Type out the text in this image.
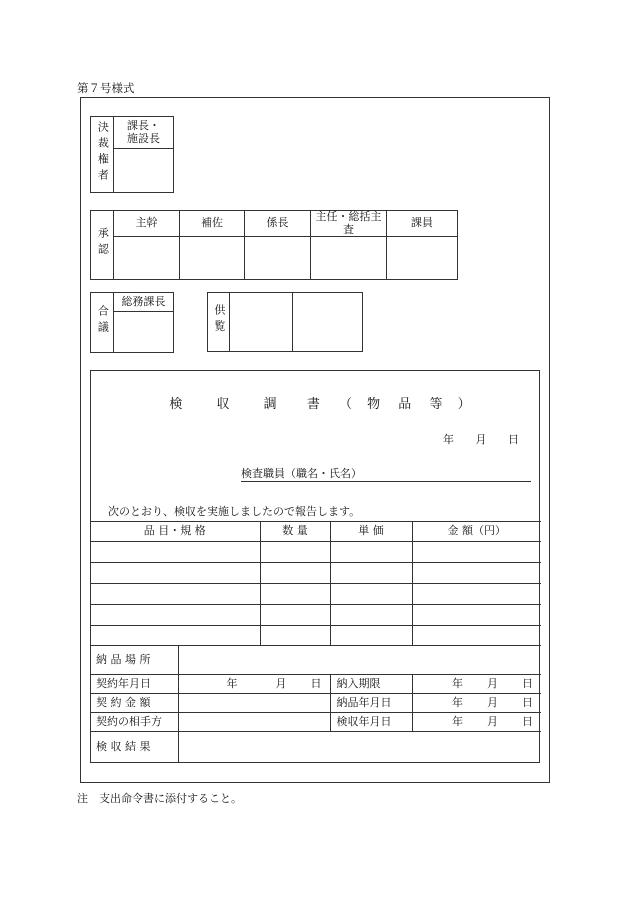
第７号様式
決裁権者	課長・
施設長

承認	主幹	補佐	係長	主任・総括主査	課員

合議	総務課長

供覧		
検	収	調 書 （ 物 品 等 ）
年 月 日
検査職員（職名・氏名）
次のとおり、検収を実施しましたので報告します。
品 目・規 格	数 量	単 価	金 額（円）

納 品 場 所			
契約年月日	年 月 日	納入期限	年 月 日

契 約 金 額		納品年月日	年 月 日

契約の相手方		検収年月日	年 月 日

検 収 結 果			
注　支出命令書に添付すること。
